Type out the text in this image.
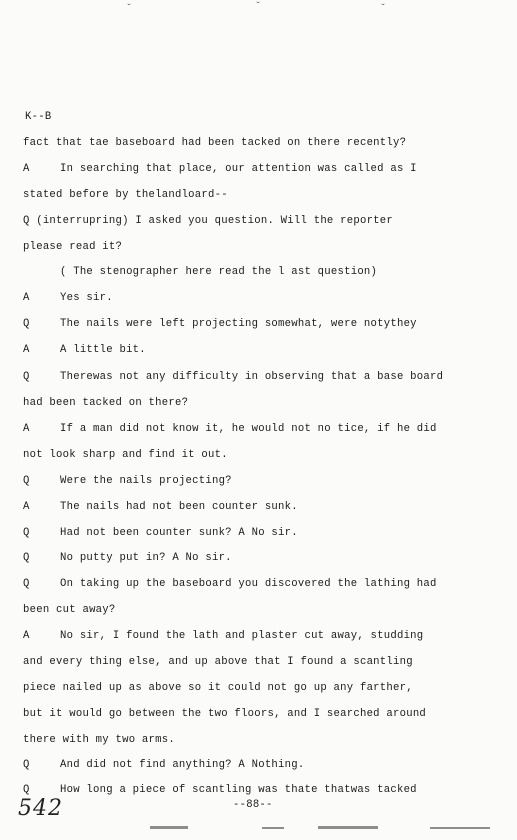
ˇ	ˇ	ˇ
K--B
fact that tae baseboard had been tacked on there recently?
A	In searching that place, our attention was called as I
stated before by thelandloard--
Q (interrupring) I asked you question. Will the reporter
please read it?
( The stenographer here read the l ast question)
A	Yes sir.
Q	The nails were left projecting somewhat, were notythey
A	A little bit.
Q	Therewas not any difficulty in observing that a base board
had been tacked on there?
A	If a man did not know it, he would not no tice, if he did
not look sharp and find it out.
Q	Were the nails projecting?
A	The nails had not been counter sunk.
Q	Had not been counter sunk? A No sir.
Q	No putty put in? A No sir.
Q	On taking up the baseboard you discovered the lathing had
been cut away?
A	No sir, I found the lath and plaster cut away, studding
and every thing else, and up above that I found a scantling
piece nailed up as above so it could not go up any farther,
but it would go between the two floors, and I searched around
there with my two arms.
Q	And did not find anything? A Nothing.
Q	How long a piece of scantling was thate thatwas tacked
542	--88--
